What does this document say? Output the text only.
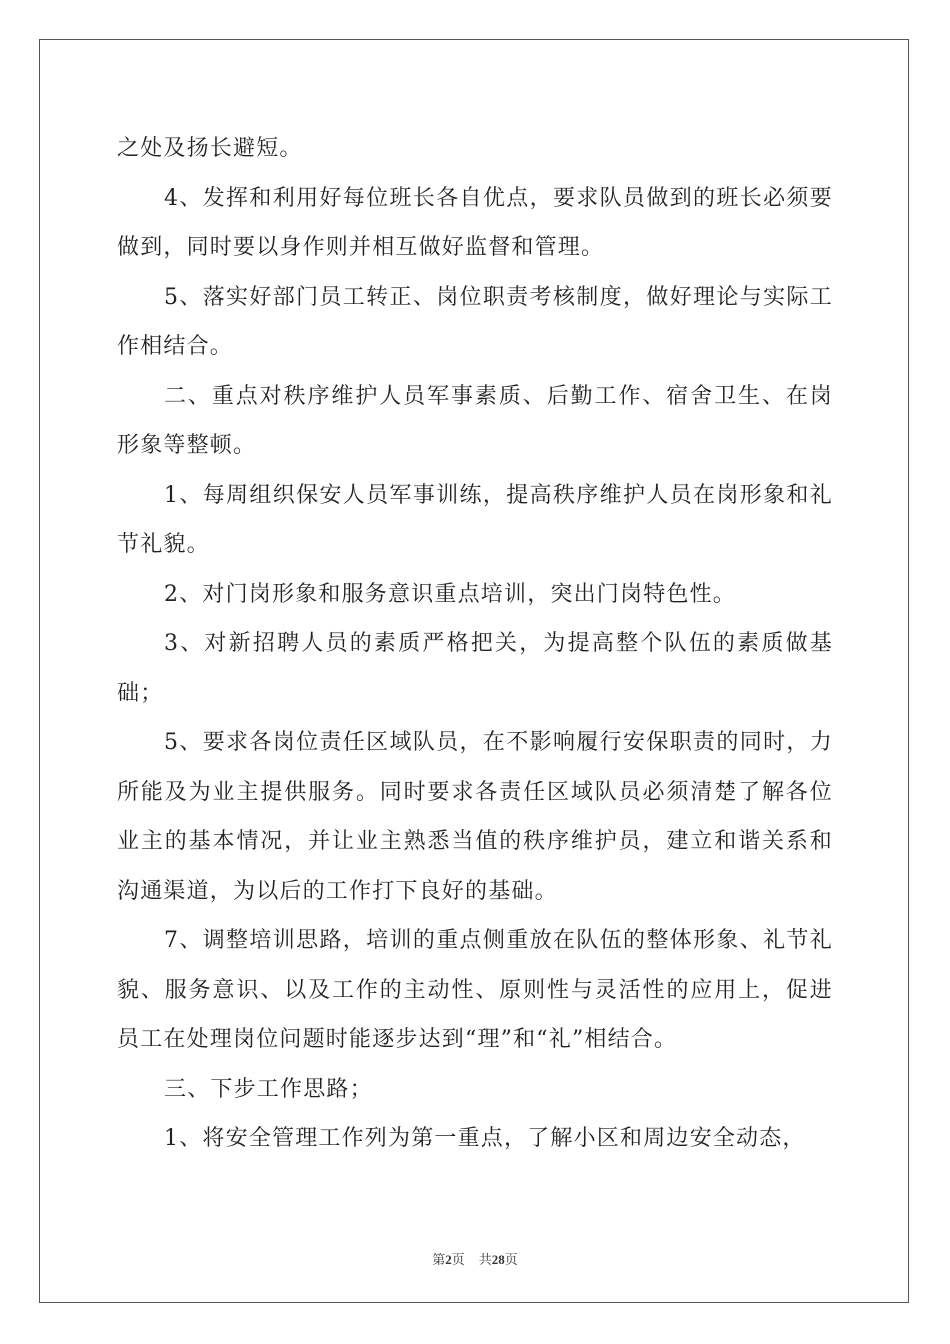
之处及扬长避短。

4、发挥和利用好每位班长各自优点，要求队员做到的班长必须要做到，同时要以身作则并相互做好监督和管理。

5、落实好部门员工转正、岗位职责考核制度，做好理论与实际工作相结合。

二、重点对秩序维护人员军事素质、后勤工作、宿舍卫生、在岗形象等整顿。

1、每周组织保安人员军事训练，提高秩序维护人员在岗形象和礼节礼貌。

2、对门岗形象和服务意识重点培训，突出门岗特色性。

3、对新招聘人员的素质严格把关，为提高整个队伍的素质做基础；

5、要求各岗位责任区域队员，在不影响履行安保职责的同时，力所能及为业主提供服务。同时要求各责任区域队员必须清楚了解各位业主的基本情况，并让业主熟悉当值的秩序维护员，建立和谐关系和沟通渠道，为以后的工作打下良好的基础。

7、调整培训思路，培训的重点侧重放在队伍的整体形象、礼节礼貌、服务意识、以及工作的主动性、原则性与灵活性的应用上，促进员工在处理岗位问题时能逐步达到“理”和“礼”相结合。

三、下步工作思路；

1、将安全管理工作列为第一重点，了解小区和周边安全动态，

第2页 共28页
